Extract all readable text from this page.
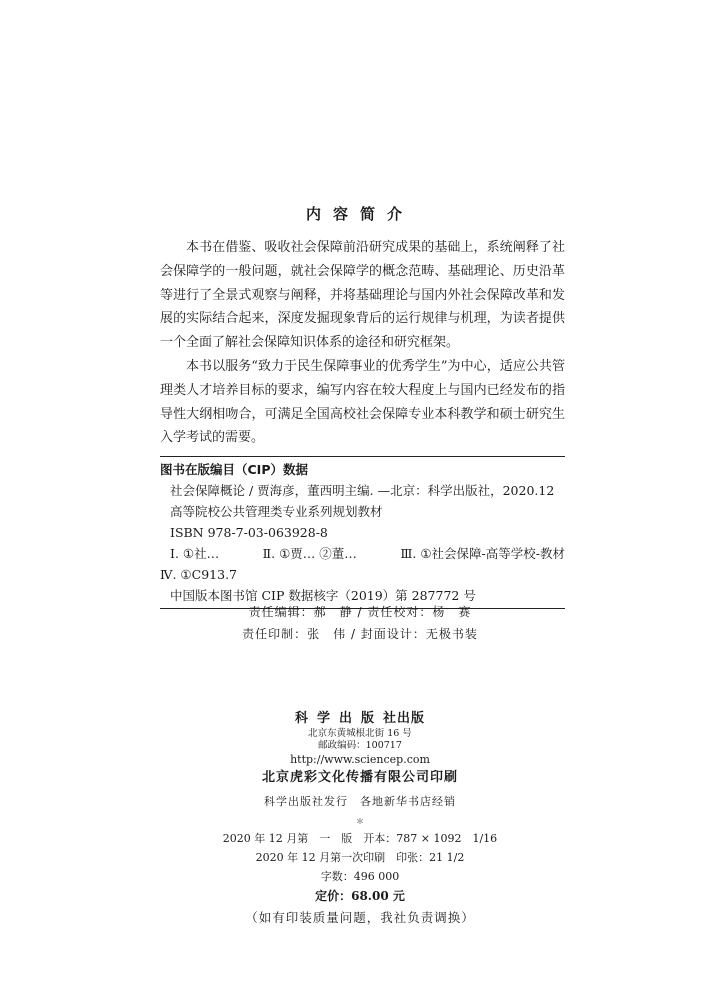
内容简介

本书在借鉴、吸收社会保障前沿研究成果的基础上，系统阐释了社会保障学的一般问题，就社会保障学的概念范畴、基础理论、历史沿革等进行了全景式观察与阐释，并将基础理论与国内外社会保障改革和发展的实际结合起来，深度发掘现象背后的运行规律与机理，为读者提供一个全面了解社会保障知识体系的途径和研究框架。

本书以服务“致力于民生保障事业的优秀学生”为中心，适应公共管理类人才培养目标的要求，编写内容在较大程度上与国内已经发布的指导性大纲相吻合，可满足全国高校社会保障专业本科教学和硕士研究生入学考试的需要。

图书在版编目（CIP）数据
社会保障概论 / 贾海彦，董西明主编. —北京：科学出版社，2020.12
高等院校公共管理类专业系列规划教材
ISBN 978-7-03-063928-8
Ⅰ. ①社…	Ⅱ. ①贾… ②董…	Ⅲ. ①社会保障-高等学校-教材
Ⅳ. ①C913.7
中国版本图书馆 CIP 数据核字（2019）第 287772 号
责任编辑：郝　静 / 责任校对：杨　赛
责任印制：张　伟 / 封面设计：无极书装
科学出版社出版
北京东黄城根北街 16 号
邮政编码：100717
http://www.sciencep.com
北京虎彩文化传播有限公司印刷
科学出版社发行　各地新华书店经销
＊
2020 年 12 月第　一　版　开本：787 × 1092　1/16
2020 年 12 月第一次印刷　印张：21 1/2
字数：496 000
定价：68.00 元
（如有印装质量问题，我社负责调换）
